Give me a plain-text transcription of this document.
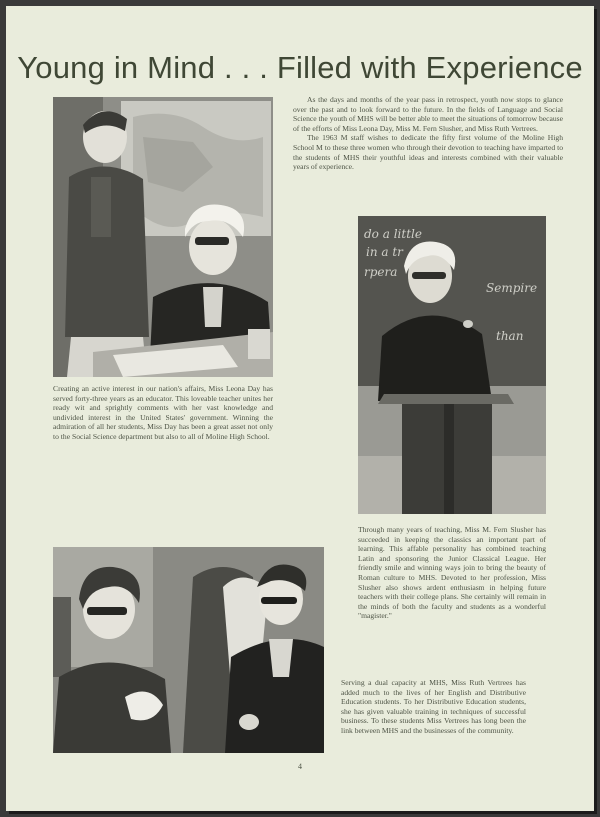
Young in Mind . . . Filled with Experience

As the days and months of the year pass in retrospect, youth now stops to glance over the past and to look forward to the future. In the fields of Language and Social Science the youth of MHS will be better able to meet the situations of tomorrow because of the efforts of Miss Leona Day, Miss M. Fern Slusher, and Miss Ruth Vertrees.

The 1963 M staff wishes to dedicate the fifty first volume of the Moline High School M to these three women who through their devotion to teaching have imparted to the students of MHS their youthful ideas and interests combined with their valuable years of experience.

Creating an active interest in our nation's affairs, Miss Leona Day has served forty-three years as an educator. This loveable teacher unites her ready wit and sprightly comments with her vast knowledge and undivided interest in the United States' government. Winning the admiration of all her students, Miss Day has been a great asset not only to the Social Science department but also to all of Moline High School.
do a little
in a tr
rpera
Sempire
than
Through many years of teaching, Miss M. Fern Slusher has succeeded in keeping the classics an important part of learning. This affable personality has combined teaching Latin and sponsoring the Junior Classical League. Her friendly smile and winning ways join to bring the beauty of Roman culture to MHS. Devoted to her profession, Miss Slusher also shows ardent enthusiasm in helping future teachers with their college plans. She certainly will remain in the minds of both the faculty and students as a wonderful "magister."
Serving a dual capacity at MHS, Miss Ruth Vertrees has added much to the lives of her English and Distributive Education students. To her Distributive Education students, she has given valuable training in techniques of successful business. To these students Miss Vertrees has long been the link between MHS and the businesses of the community.
4
